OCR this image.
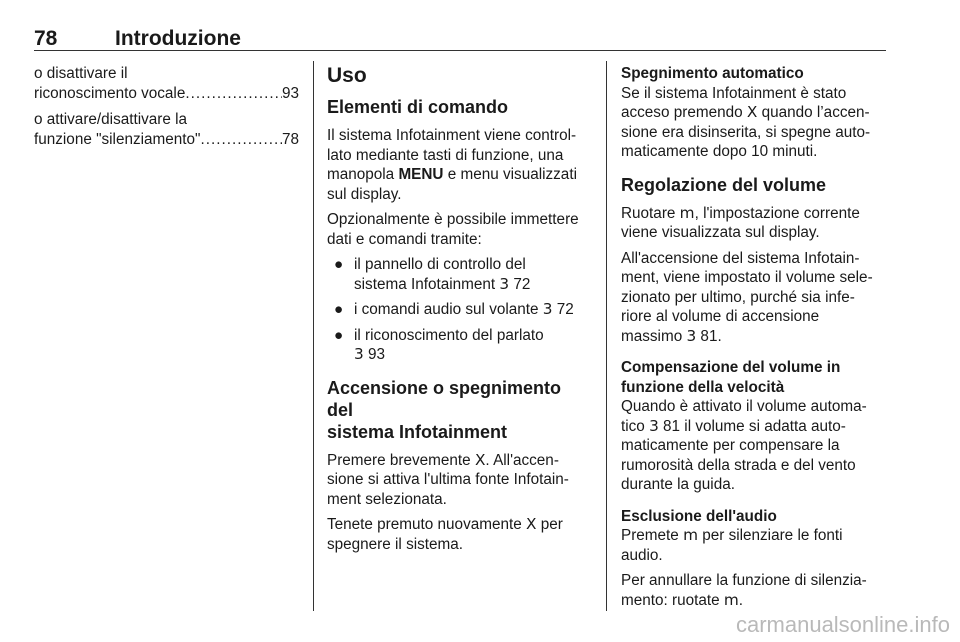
78	Introduzione
o disattivare il
riconoscimento vocale .....	93
o attivare/disattivare la
funzione "silenziamento" .....	78
Uso
Elementi di comando

Il sistema Infotainment viene control-
lato mediante tasti di funzione, una
manopola MENU e menu visualizzati
sul display.

Opzionalmente è possibile immettere
dati e comandi tramite:

● il pannello di controllo del
sistema Infotainment 3 72
● i comandi audio sul volante 3 72
● il riconoscimento del parlato
3 93
Accensione o spegnimento del
sistema Infotainment

Premere brevemente X. All'accen-
sione si attiva l'ultima fonte Infotain-
ment selezionata.

Tenete premuto nuovamente X per
spegnere il sistema.

Spegnimento automatico

Se il sistema Infotainment è stato
acceso premendo X quando l’accen-
sione era disinserita, si spegne auto-
maticamente dopo 10 minuti.

Regolazione del volume

Ruotare m, l'impostazione corrente
viene visualizzata sul display.

All'accensione del sistema Infotain-
ment, viene impostato il volume sele-
zionato per ultimo, purché sia infe-
riore al volume di accensione
massimo 3 81.

Compensazione del volume in
funzione della velocità

Quando è attivato il volume automa-
tico 3 81 il volume si adatta auto-
maticamente per compensare la
rumorosità della strada e del vento
durante la guida.

Esclusione dell'audio

Premete m per silenziare le fonti
audio.

Per annullare la funzione di silenzia-
mento: ruotate m.

carmanualsonline.info
